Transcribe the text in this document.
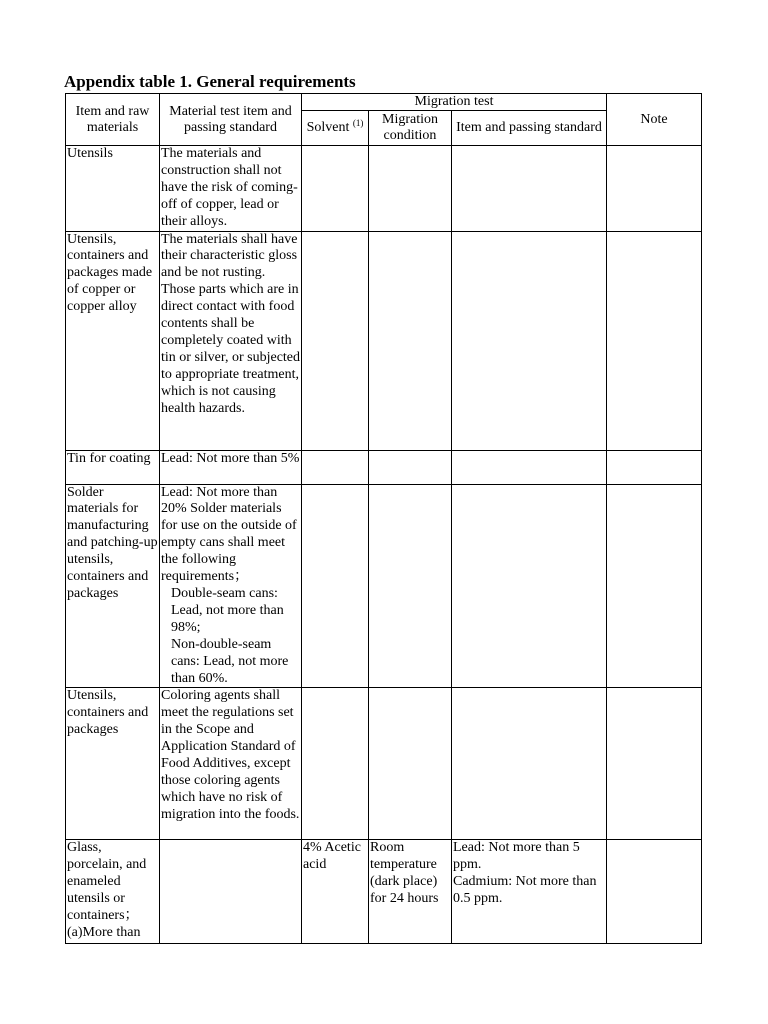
Appendix table 1. General requirements
Item and raw materials	Material test item and passing standard	Migration test			Note
		Solvent $^{(1)}$	Migration condition	Item and passing standard	
Utensils	The materials and construction shall not have the risk of coming-off of copper, lead or their alloys.				
Utensils, containers and packages made of copper or copper alloy	The materials shall have their characteristic gloss and be not rusting. Those parts which are in direct contact with food contents shall be completely coated with tin or silver, or subjected to appropriate treatment, which is not causing health hazards.				
Tin for coating	Lead: Not more than 5%				
Solder materials for manufacturing and patching-up utensils, containers and packages	Lead: Not more than 20% Solder materials for use on the outside of empty cans shall meet the following requirements；
Double-seam cans: Lead, not more than 98%;
Non-double-seam cans: Lead, not more than 60%.				

Utensils, containers and packages	Coloring agents shall meet the regulations set in the Scope and Application Standard of Food Additives, except those coloring agents which have no risk of migration into the foods.				
Glass, porcelain, and enameled utensils or containers； (a)More than		4% Acetic acid	Room temperature (dark place) for 24 hours	Lead: Not more than 5 ppm.
Cadmium: Not more than 0.5 ppm.	
